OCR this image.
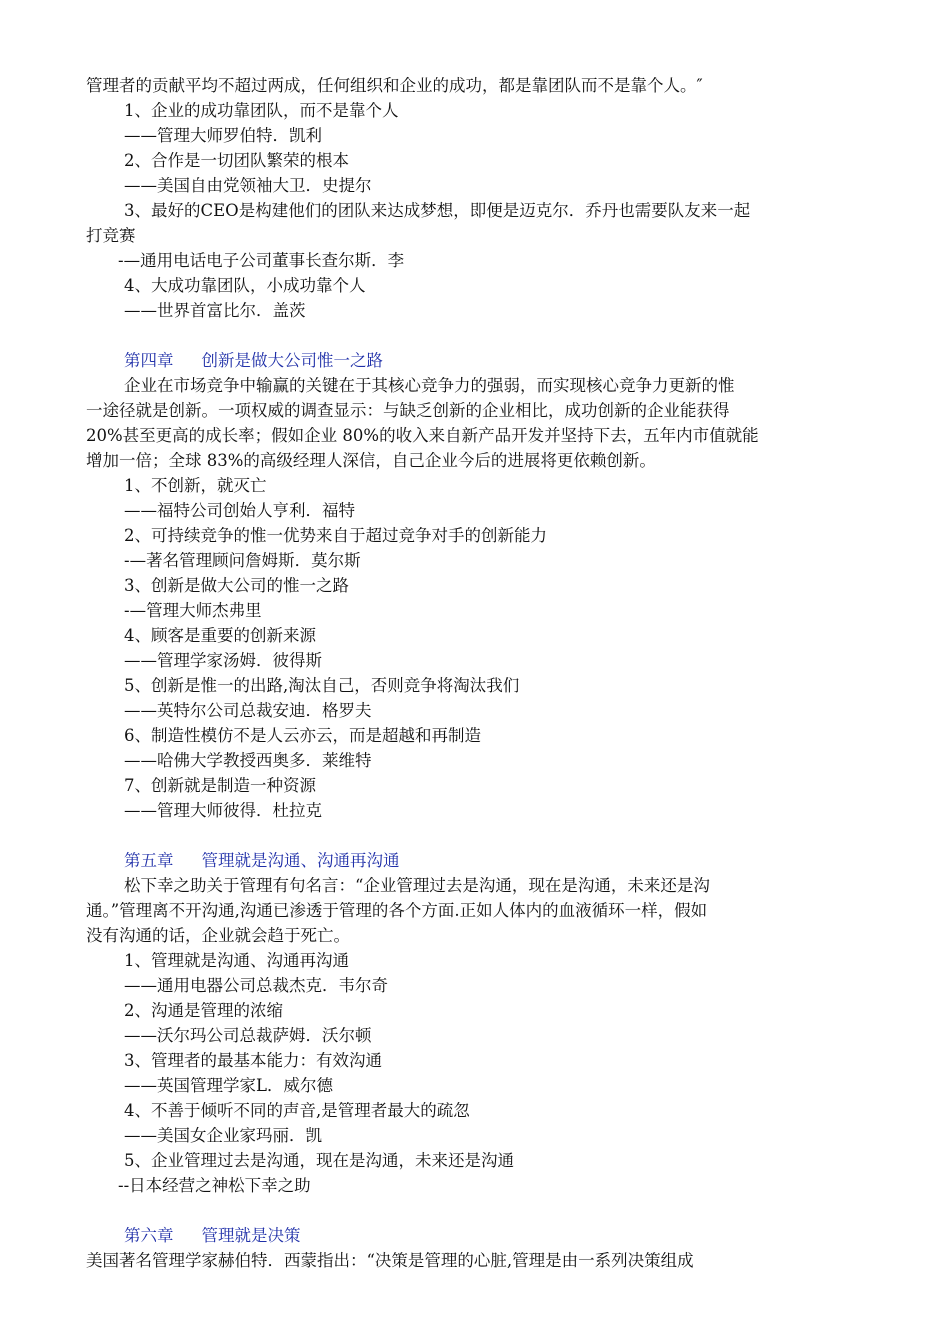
管理者的贡献平均不超过两成，任何组织和企业的成功，都是靠团队而不是靠个人。″
1、企业的成功靠团队，而不是靠个人
——管理大师罗伯特．凯利
2、合作是一切团队繁荣的根本
——美国自由党领袖大卫．史提尔
3、最好的CEO是构建他们的团队来达成梦想，即便是迈克尔．乔丹也需要队友来一起
打竞赛
-—通用电话电子公司董事长查尔斯．李
4、大成功靠团队，小成功靠个人
——世界首富比尔．盖茨
第四章 创新是做大公司惟一之路
企业在市场竞争中输赢的关键在于其核心竞争力的强弱，而实现核心竞争力更新的惟
一途径就是创新。一项权威的调查显示：与缺乏创新的企业相比，成功创新的企业能获得
20%甚至更高的成长率；假如企业 80%的收入来自新产品开发并坚持下去，五年内市值就能
增加一倍；全球 83%的高级经理人深信，自己企业今后的进展将更依赖创新。
1、不创新，就灭亡
——福特公司创始人亨利．福特
2、可持续竞争的惟一优势来自于超过竞争对手的创新能力
-—著名管理顾问詹姆斯．莫尔斯
3、创新是做大公司的惟一之路
-—管理大师杰弗里
4、顾客是重要的创新来源
——管理学家汤姆．彼得斯
5、创新是惟一的出路,淘汰自己，否则竞争将淘汰我们
——英特尔公司总裁安迪．格罗夫
6、制造性模仿不是人云亦云，而是超越和再制造
——哈佛大学教授西奥多．莱维特
7、创新就是制造一种资源
——管理大师彼得．杜拉克
第五章 管理就是沟通、沟通再沟通
松下幸之助关于管理有句名言：“企业管理过去是沟通，现在是沟通，未来还是沟
通。”管理离不开沟通,沟通已渗透于管理的各个方面.正如人体内的血液循环一样，假如
没有沟通的话，企业就会趋于死亡。
1、管理就是沟通、沟通再沟通
——通用电器公司总裁杰克．韦尔奇
2、沟通是管理的浓缩
——沃尔玛公司总裁萨姆．沃尔顿
3、管理者的最基本能力：有效沟通
——英国管理学家L．威尔德
4、不善于倾听不同的声音,是管理者最大的疏忽
——美国女企业家玛丽．凯
5、企业管理过去是沟通，现在是沟通，未来还是沟通
--日本经营之神松下幸之助
第六章 管理就是决策
美国著名管理学家赫伯特．西蒙指出：“决策是管理的心脏,管理是由一系列决策组成
